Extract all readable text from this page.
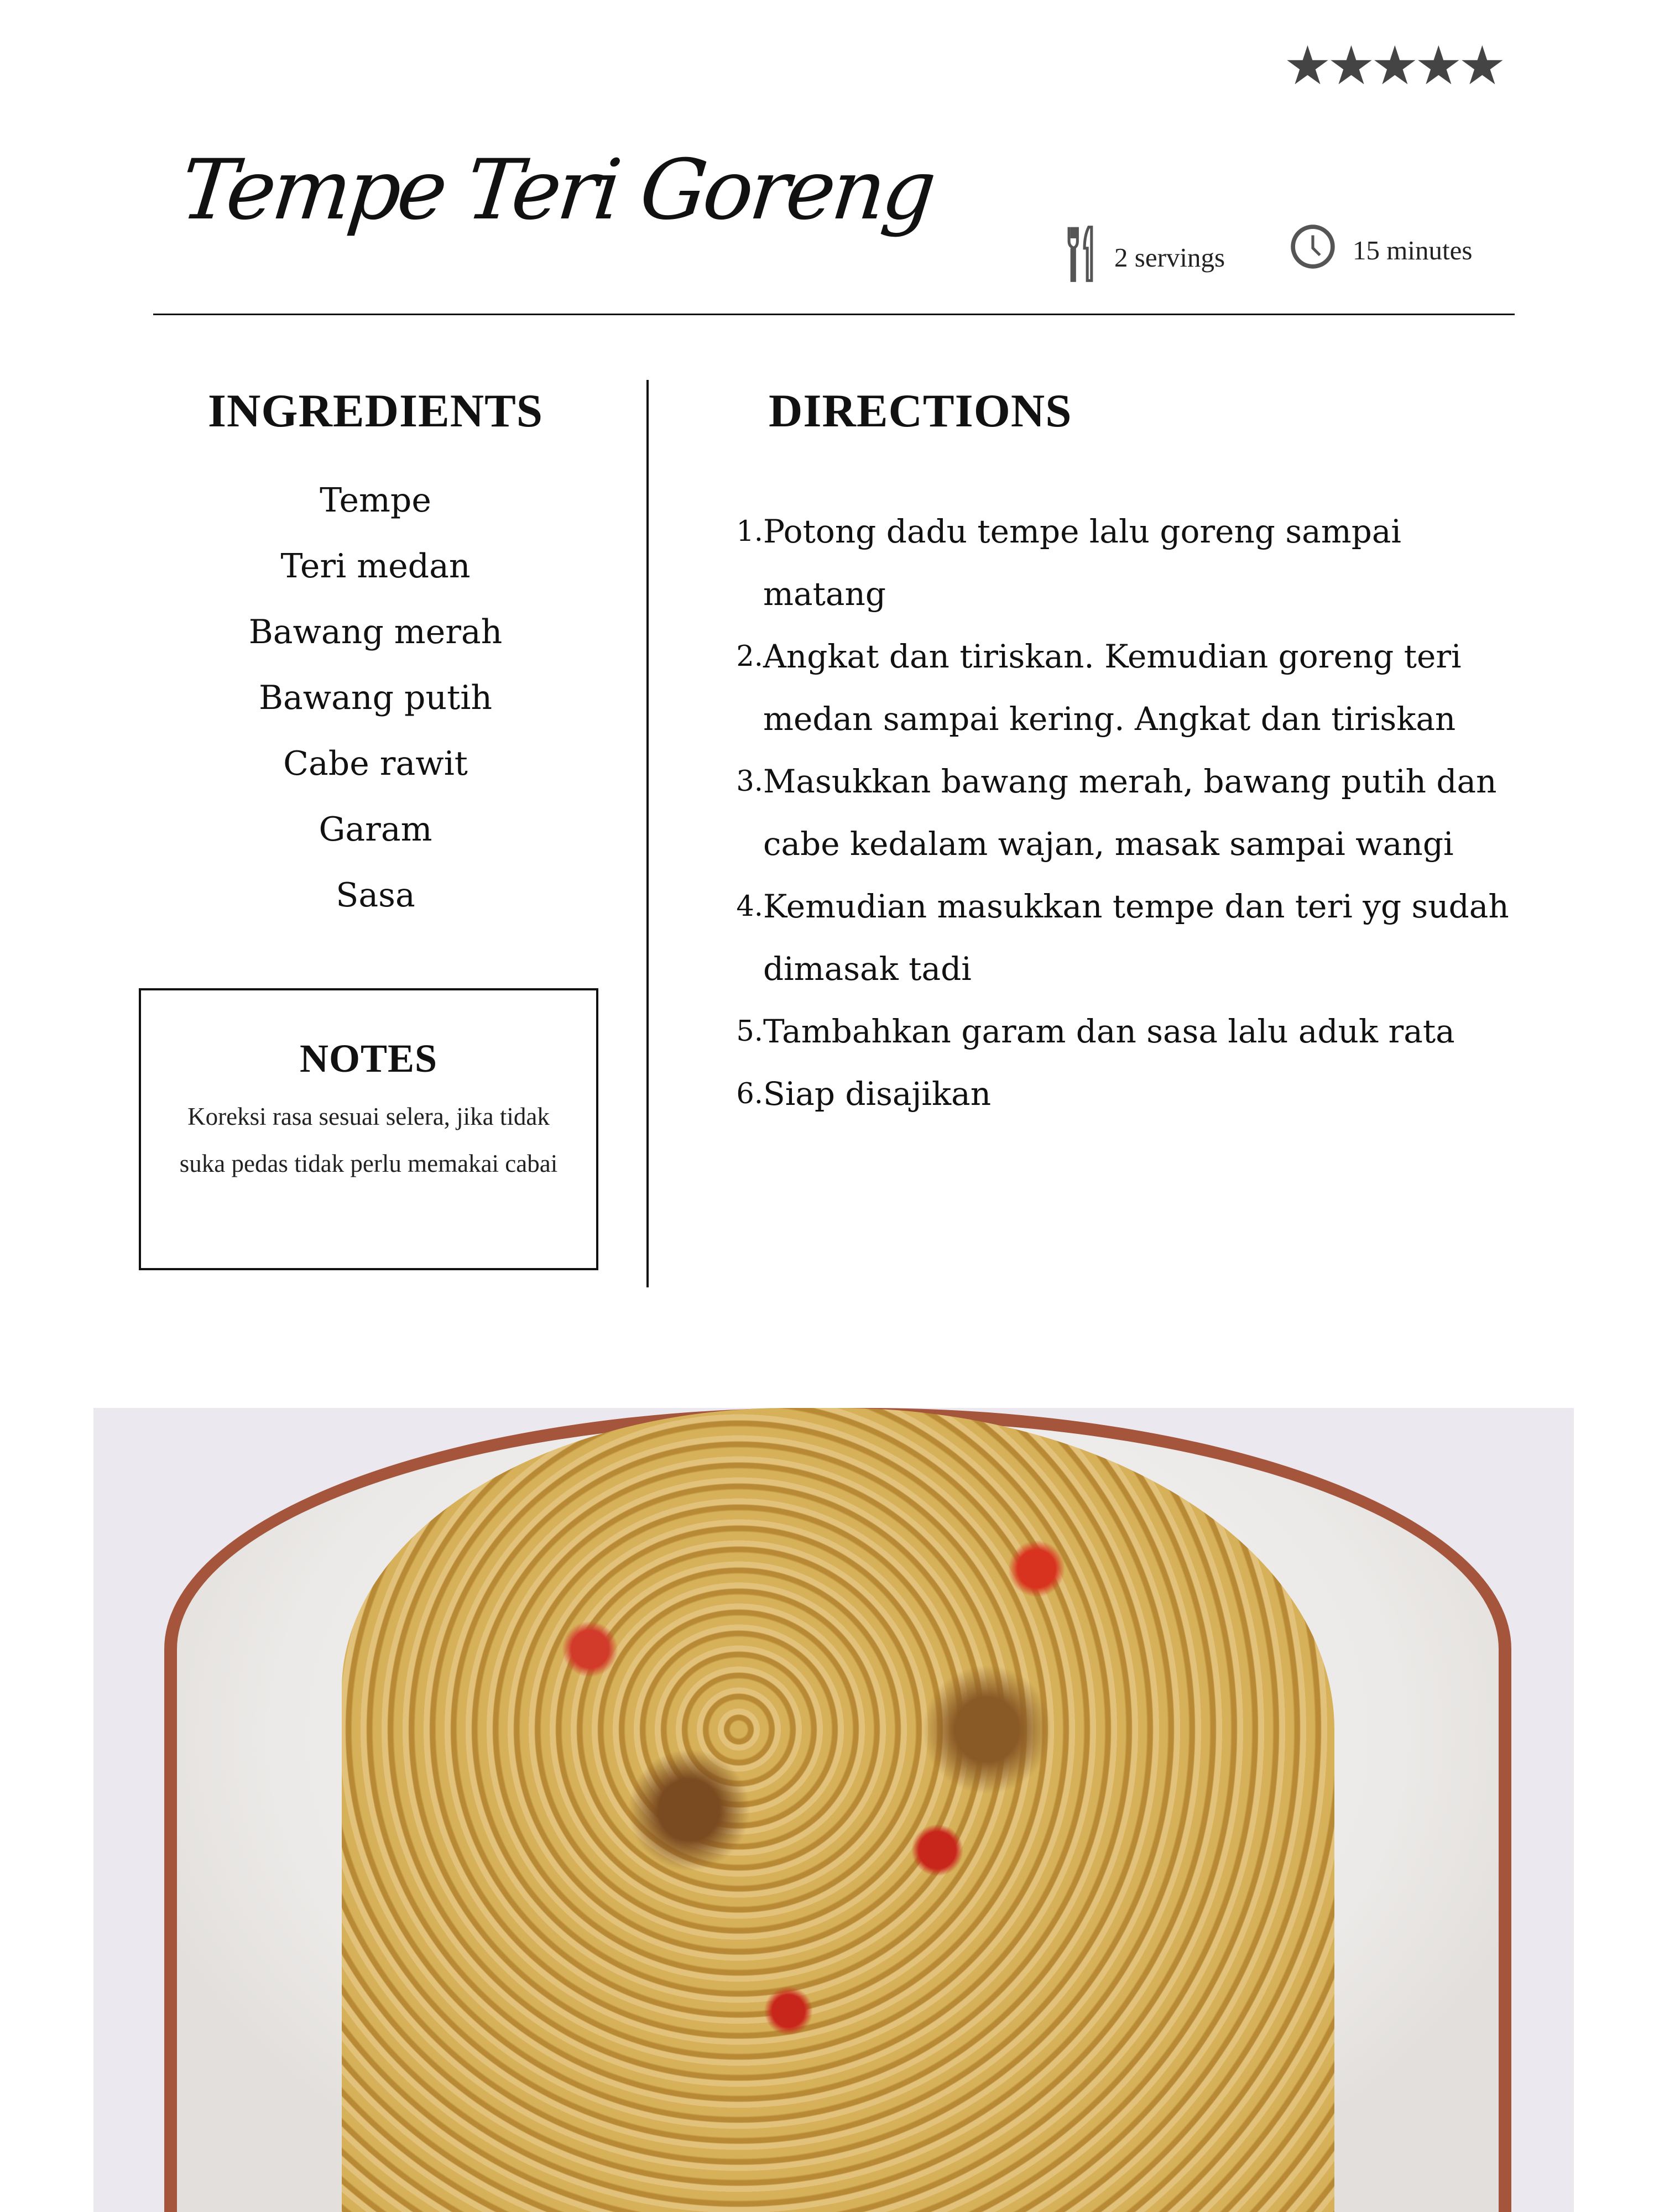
★★★★★
Tempe Teri Goreng
2 servings	15 minutes
INGREDIENTS
Tempe
Teri medan
Bawang merah
Bawang putih
Cabe rawit
Garam
Sasa
NOTES
Koreksi rasa sesuai selera, jika tidak suka pedas tidak perlu memakai cabai
DIRECTIONS
1. Potong dadu tempe lalu goreng sampai matang
2. Angkat dan tiriskan. Kemudian goreng teri medan sampai kering. Angkat dan tiriskan
3. Masukkan bawang merah, bawang putih dan cabe kedalam wajan, masak sampai wangi
4. Kemudian masukkan tempe dan teri yg sudah dimasak tadi
5. Tambahkan garam dan sasa lalu aduk rata
6. Siap disajikan
